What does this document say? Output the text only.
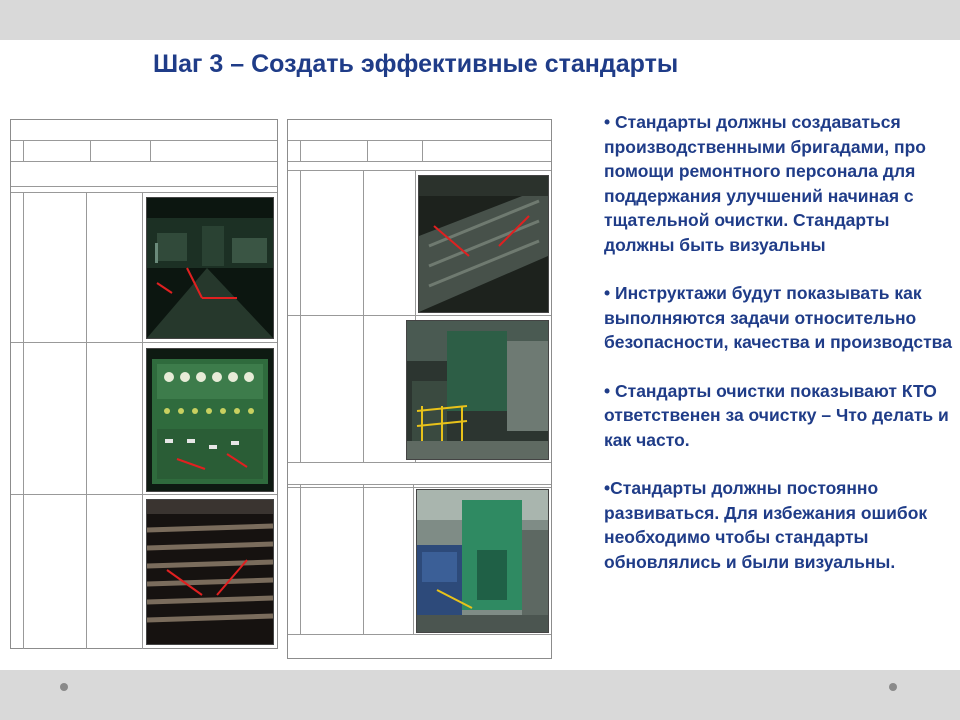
Шаг 3 – Создать эффективные стандарты

• Стандарты должны создаваться производственными бригадами, про помощи ремонтного персонала для поддержания улучшений начиная с тщательной очистки. Стандарты должны быть визуальны

• Инструктажи будут показывать как выполняются задачи относительно безопасности, качества и производства

• Стандарты очистки показывают КТО ответственен за очистку – Что делать и как часто.

•Стандарты должны постоянно развиваться. Для избежания ошибок необходимо чтобы стандарты обновлялись и были визуальны.
